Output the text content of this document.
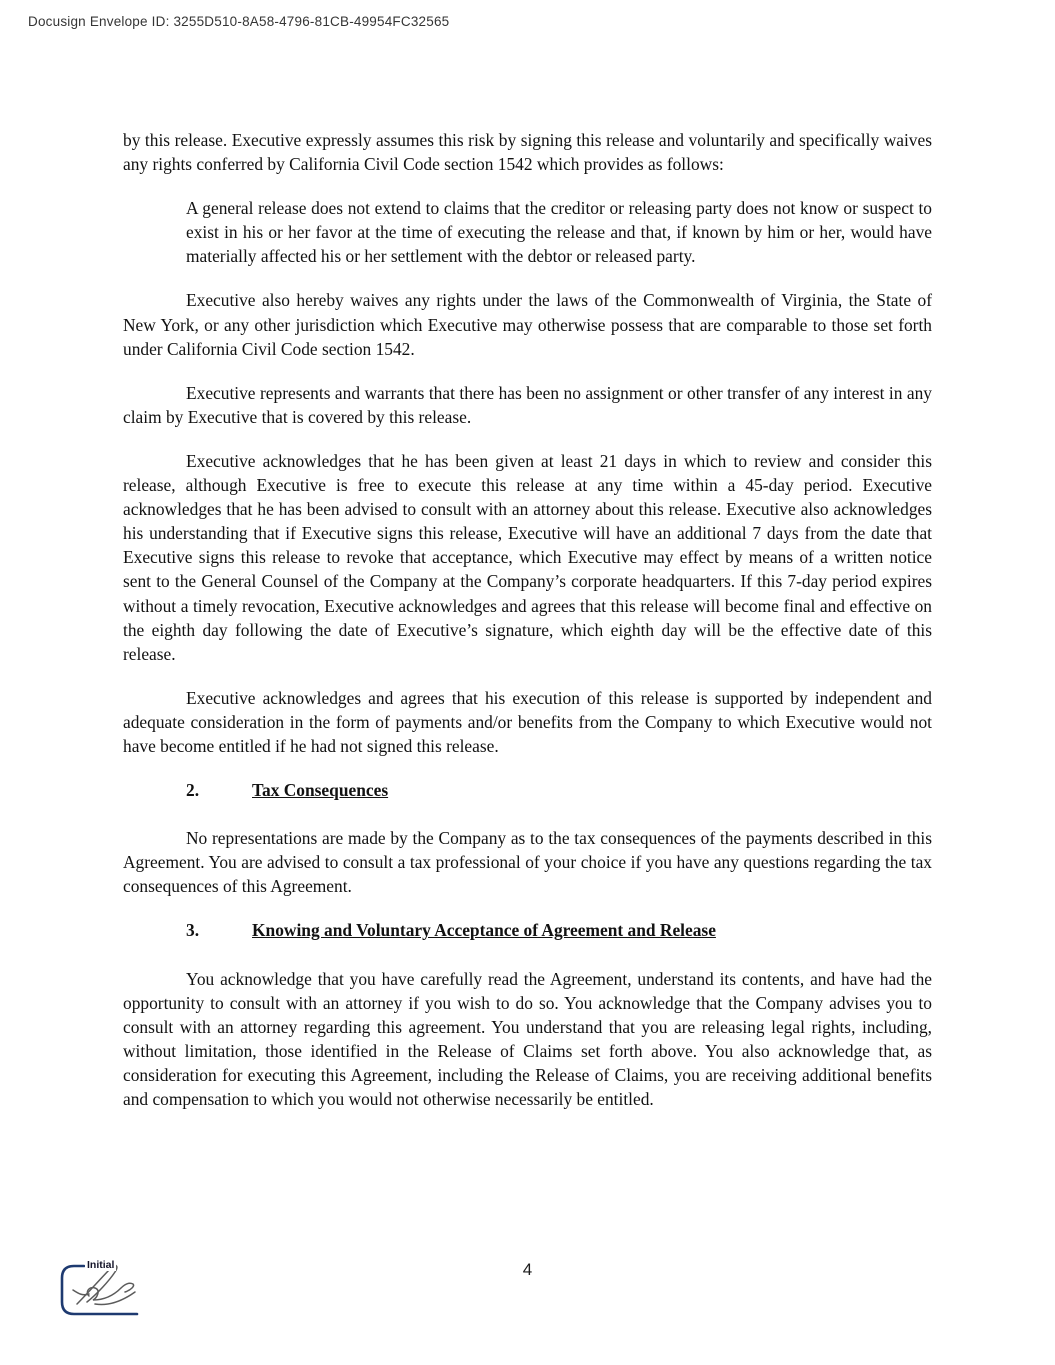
Docusign Envelope ID: 3255D510-8A58-4796-81CB-49954FC32565

by this release. Executive expressly assumes this risk by signing this release and voluntarily and specifically waives any rights conferred by California Civil Code section 1542 which provides as follows:

A general release does not extend to claims that the creditor or releasing party does not know or suspect to exist in his or her favor at the time of executing the release and that, if known by him or her, would have materially affected his or her settlement with the debtor or released party.

Executive also hereby waives any rights under the laws of the Commonwealth of Virginia, the State of New York, or any other jurisdiction which Executive may otherwise possess that are comparable to those set forth under California Civil Code section 1542.

Executive represents and warrants that there has been no assignment or other transfer of any interest in any claim by Executive that is covered by this release.

Executive acknowledges that he has been given at least 21 days in which to review and consider this release, although Executive is free to execute this release at any time within a 45-day period. Executive acknowledges that he has been advised to consult with an attorney about this release. Executive also acknowledges his understanding that if Executive signs this release, Executive will have an additional 7 days from the date that Executive signs this release to revoke that acceptance, which Executive may effect by means of a written notice sent to the General Counsel of the Company at the Company’s corporate headquarters. If this 7-day period expires without a timely revocation, Executive acknowledges and agrees that this release will become final and effective on the eighth day following the date of Executive’s signature, which eighth day will be the effective date of this release.

Executive acknowledges and agrees that his execution of this release is supported by independent and adequate consideration in the form of payments and/or benefits from the Company to which Executive would not have become entitled if he had not signed this release.

2.	Tax Consequences

No representations are made by the Company as to the tax consequences of the payments described in this Agreement. You are advised to consult a tax professional of your choice if you have any questions regarding the tax consequences of this Agreement.

3.	Knowing and Voluntary Acceptance of Agreement and Release

You acknowledge that you have carefully read the Agreement, understand its contents, and have had the opportunity to consult with an attorney if you wish to do so. You acknowledge that the Company advises you to consult with an attorney regarding this agreement. You understand that you are releasing legal rights, including, without limitation, those identified in the Release of Claims set forth above. You also acknowledge that, as consideration for executing this Agreement, including the Release of Claims, you are receiving additional benefits and compensation to which you would not otherwise necessarily be entitled.

Initial	4
